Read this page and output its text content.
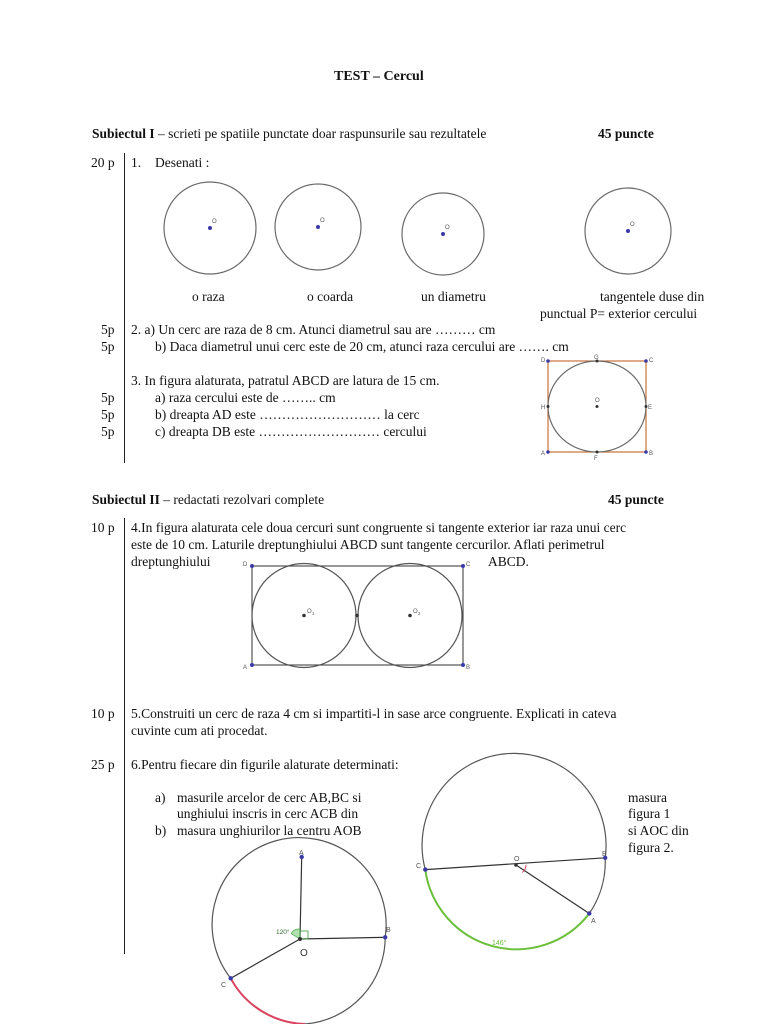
TEST – Cercul
Subiectul I – scrieti pe spatiile punctate doar raspunsurile sau rezultatele	45 puncte
20 p 1. Desenati :
O	O
O	O
o raza	o coarda	un diametru	tangentele duse din
punctual P= exterior cercului
5p 2. a) Un cerc are raza de 8 cm. Atunci diametrul sau are ……… cm
5p	b) Daca diametrul unui cerc este de 20 cm, atunci raza cercului are ……. cm
3. In figura alaturata, patratul ABCD are latura de 15 cm.
5p	a) raza cercului este de …….. cm
5p	b) dreapta AD este ……………………… la cerc
5p	c) dreapta DB este ……………………… cercului
A	B
C
D
E
F
G
H
O
Subiectul II – redactati rezolvari complete	45 puncte
10 p 4.In figura alaturata cele doua cercuri sunt congruente si tangente exterior iar raza unui cerc
este de 10 cm. Laturile dreptunghiului ABCD sunt tangente cercurilor. Aflati perimetrul
dreptunghiului	ABCD.
A	B
C
D
O 1	O 2
10 p 5.Construiti un cerc de raza 4 cm si impartiti-l in sase arce congruente. Explicati in cateva
cuvinte cum ati procedat.
25 p 6.Pentru fiecare din figurile alaturate determinati:
a) masurile arcelor de cerc AB,BC si
unghiului inscris in cerc ACB din
b) masura unghiurilor la centru AOB
masura
figura 1
si AOC din
figura 2.
C
B
A
O
146°
A
B
C
O
120°
